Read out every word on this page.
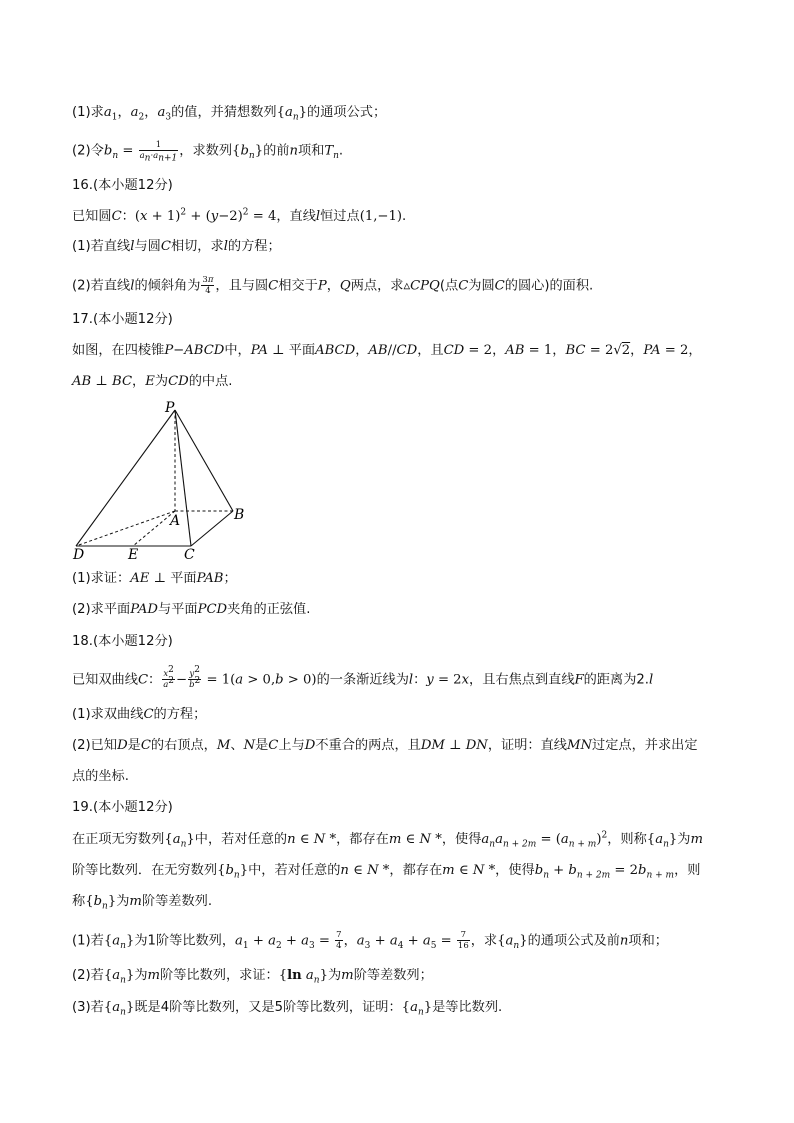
(1)求$a_1$，$a_2$，$a_3$的值，并猜想数列$\{a_n\}$的通项公式；
(2)令$b_n = \frac{1}{a_n\cdot a_{n+1}}$ ，求数列$\{b_n\}$的前n项和$T_n$.
16.(本小题12分)
已知圆C：$(x + 1)^2 + (y-2)^2 = 4$，直线l恒过点(1,−1).
(1)若直线l与圆C相切，求l的方程；
(2)若直线l的倾斜角为 $\frac{3\pi}{4}$ ，且与圆C相交于P，Q两点，求▵CPQ(点C为圆C的圆心)的面积.
17.(本小题12分)
如图，在四棱锥P−ABCD中，PA ⊥ 平面ABCD，AB//CD，且CD = 2，AB = 1，BC = 2√2，PA = 2，
AB ⊥ BC，E为CD的中点.
P
A	B
C
D	E
(1)求证：AE ⊥ 平面PAB；
(2)求平面PAD与平面PCD夹角的正弦值.
18.(本小题12分)
已知双曲线C： $\frac{x^2}{a^2} - \frac{y^2}{b^2} = 1(a > 0,b > 0)$的一条渐近线为l：y = 2x，且右焦点到直线F的距离为2.l
(1)求双曲线C的方程；
(2)已知D是C的右顶点，M、N是C上与D不重合的两点，且DM ⊥ DN，证明：直线MN过定点，并求出定
点的坐标.
19.(本小题12分)
在正项无穷数列$\{a_n\}$中，若对任意的n ∈ N *，都存在m ∈ N *，使得$a_na_{n + 2m} = (a_{n + m})^2$，则称$\{a_n\}$为m
阶等比数列．在无穷数列$\{b_n\}$中，若对任意的n ∈ N *，都存在m ∈ N *，使得$b_n + b_{n + 2m} = 2b_{n + m}$，则
称$\{b_n\}$为m阶等差数列.
(1)若$\{a_n\}$为1阶等比数列，$a_1 + a_2 + a_3 = \frac{7}{4}$ ，$a_3 + a_4 + a_5 = \frac{7}{16}$ ，求$\{a_n\}$的通项公式及前n项和；
(2)若$\{a_n\}$为m阶等比数列，求证：{ln $a_n$}为m阶等差数列；
(3)若$\{a_n\}$既是4阶等比数列，又是5阶等比数列，证明：$\{a_n\}$是等比数列.
